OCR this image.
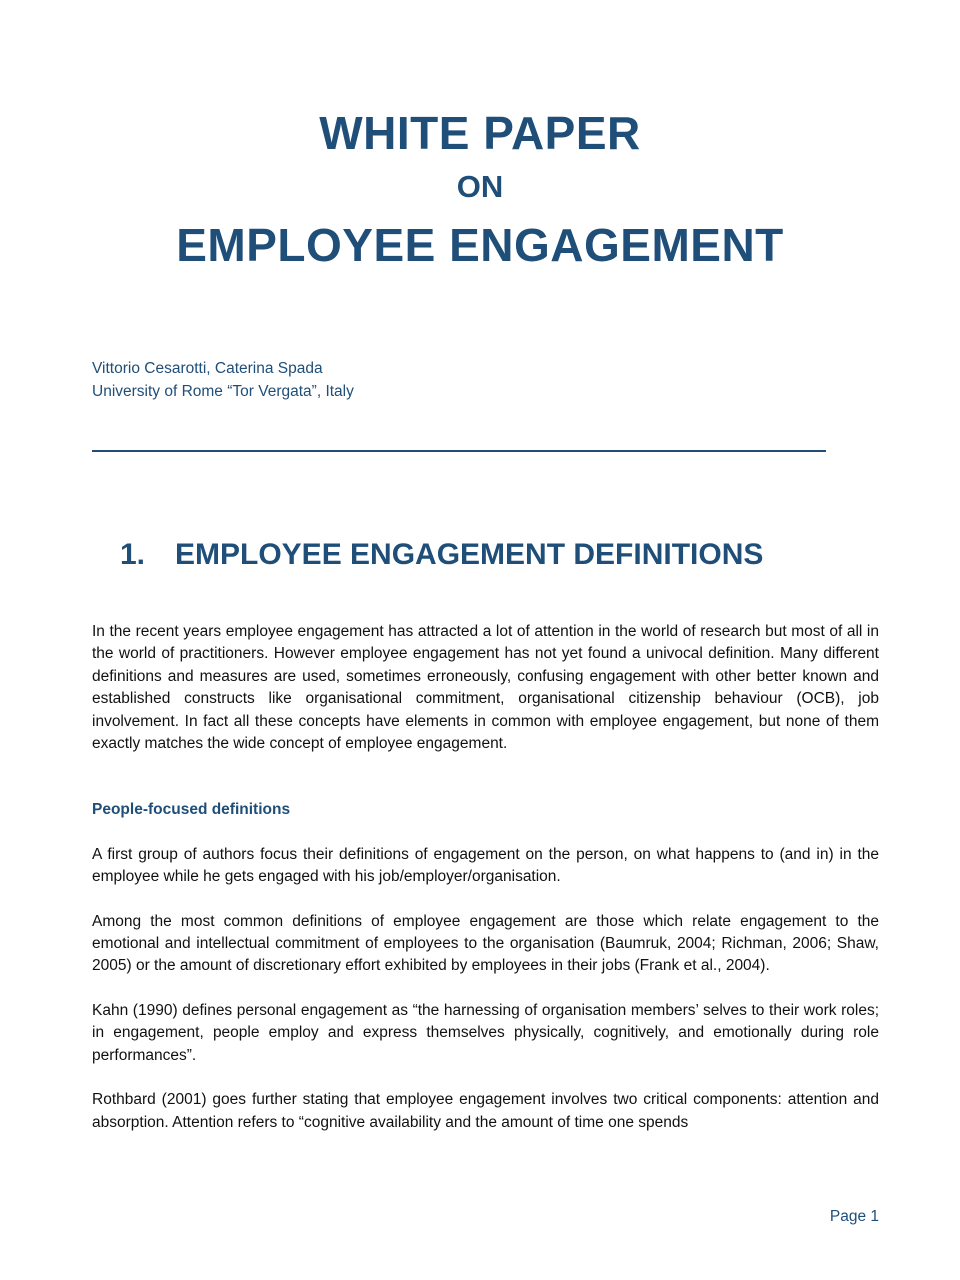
WHITE PAPER
ON
EMPLOYEE ENGAGEMENT
Vittorio Cesarotti, Caterina Spada
University of Rome “Tor Vergata”, Italy
1. EMPLOYEE ENGAGEMENT DEFINITIONS

In the recent years employee engagement has attracted a lot of attention in the world of research but most of all in the world of practitioners. However employee engagement has not yet found a univocal definition. Many different definitions and measures are used, sometimes erroneously, confusing engagement with other better known and established constructs like organisational commitment, organisational citizenship behaviour (OCB), job involvement. In fact all these concepts have elements in common with employee engagement, but none of them exactly matches the wide concept of employee engagement.

People-focused definitions

A first group of authors focus their definitions of engagement on the person, on what happens to (and in) in the employee while he gets engaged with his job/employer/organisation.

Among the most common definitions of employee engagement are those which relate engagement to the emotional and intellectual commitment of employees to the organisation (Baumruk, 2004; Richman, 2006; Shaw, 2005) or the amount of discretionary effort exhibited by employees in their jobs (Frank et al., 2004).

Kahn (1990) defines personal engagement as “the harnessing of organisation members’ selves to their work roles; in engagement, people employ and express themselves physically, cognitively, and emotionally during role performances”.

Rothbard (2001) goes further stating that employee engagement involves two critical components: attention and absorption. Attention refers to “cognitive availability and the amount of time one spends

Page 1
